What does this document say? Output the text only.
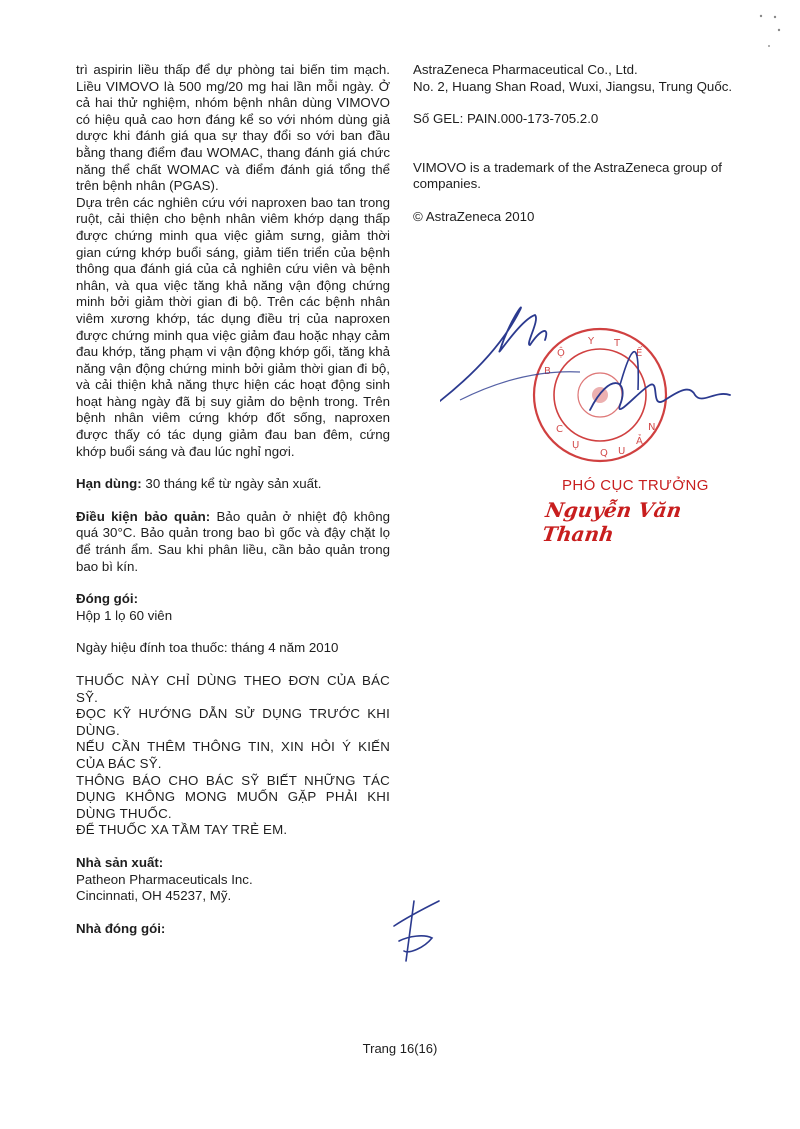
trì aspirin liều thấp để dự phòng tai biến tim mạch. Liều VIMOVO là 500 mg/20 mg hai lần mỗi ngày. Ở cả hai thử nghiệm, nhóm bệnh nhân dùng VIMOVO có hiệu quả cao hơn đáng kể so với nhóm dùng giả dược khi đánh giá qua sự thay đổi so với ban đầu bằng thang điểm đau WOMAC, thang đánh giá chức năng thể chất WOMAC và điểm đánh giá tổng thể trên bệnh nhân (PGAS).

Dựa trên các nghiên cứu với naproxen bao tan trong ruột, cải thiện cho bệnh nhân viêm khớp dạng thấp được chứng minh qua việc giảm sưng, giảm thời gian cứng khớp buổi sáng, giảm tiến triển của bệnh thông qua đánh giá của cả nghiên cứu viên và bệnh nhân, và qua việc tăng khả năng vận động chứng minh bởi giảm thời gian đi bộ. Trên các bệnh nhân viêm xương khớp, tác dụng điều trị của naproxen được chứng minh qua việc giảm đau hoặc nhạy cảm đau khớp, tăng phạm vi vận động khớp gối, tăng khả năng vận động chứng minh bởi giảm thời gian đi bộ, và cải thiện khả năng thực hiện các hoạt động sinh hoạt hàng ngày đã bị suy giảm do bệnh trong. Trên bệnh nhân viêm cứng khớp đốt sống, naproxen được thấy có tác dụng giảm đau ban đêm, cứng khớp buổi sáng và đau lúc nghỉ ngơi.

Hạn dùng: 30 tháng kể từ ngày sản xuất.

Điều kiện bảo quản: Bảo quản ở nhiệt độ không quá 30°C. Bảo quản trong bao bì gốc và đậy chặt lọ để tránh ẩm. Sau khi phân liều, cần bảo quản trong bao bì kín.

Đóng gói:

Hộp 1 lọ 60 viên

Ngày hiệu đính toa thuốc: tháng 4 năm 2010

THUỐC NÀY CHỈ DÙNG THEO ĐƠN CỦA BÁC SỸ.

ĐỌC KỸ HƯỚNG DẪN SỬ DỤNG TRƯỚC KHI DÙNG.

NẾU CẦN THÊM THÔNG TIN, XIN HỎI Ý KIẾN CỦA BÁC SỸ.

THÔNG BÁO CHO BÁC SỸ BIẾT NHỮNG TÁC DỤNG KHÔNG MONG MUỐN GẶP PHẢI KHI DÙNG THUỐC.

ĐỂ THUỐC XA TẦM TAY TRẺ EM.

Nhà sản xuất:

Patheon Pharmaceuticals Inc.

Cincinnati, OH 45237, Mỹ.

Nhà đóng gói:

AstraZeneca Pharmaceutical Co., Ltd.

No. 2, Huang Shan Road, Wuxi, Jiangsu, Trung Quốc.

Số GEL: PAIN.000-173-705.2.0

VIMOVO is a trademark of the AstraZeneca group of companies.

© AstraZeneca 2010

B
Ộ
Y T
Ế
C
Ụ
Q U
Ả
N
PHÓ CỤC TRƯỞNG
Nguyễn Văn Thanh
Trang 16(16)
